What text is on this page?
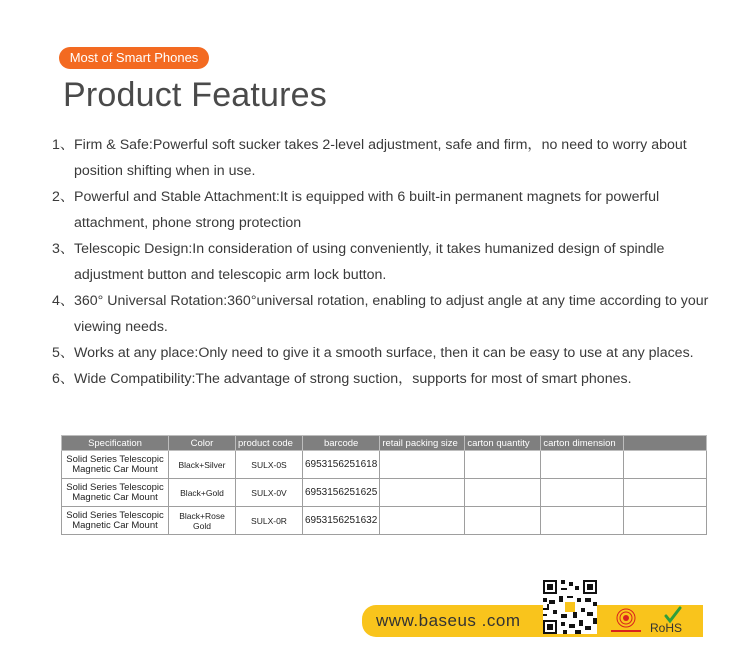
Most of Smart Phones
Product Features
1、 Firm & Safe:Powerful soft sucker takes 2-level adjustment, safe and firm，no need to worry about position shifting when in use.
2、 Powerful and Stable Attachment:It is equipped with 6 built-in permanent magnets for powerful attachment, phone strong protection
3、 Telescopic Design:In consideration of using conveniently, it takes humanized design of spindle adjustment button and telescopic arm lock button.
4、 360° Universal Rotation:360°universal rotation, enabling to adjust angle at any time according to your viewing needs.
5、 Works at any place:Only need to give it a smooth surface, then it can be easy to use at any places.
6、 Wide Compatibility:The advantage of strong suction，supports for most of smart phones.
Specification	Color	product code	barcode	retail packing size	carton quantity	carton dimension	
Solid Series Telescopic Magnetic Car Mount	Black+Silver	SULX-0S	6953156251618				
Solid Series Telescopic Magnetic Car Mount	Black+Gold	SULX-0V	6953156251625				
Solid Series Telescopic Magnetic Car Mount	Black+Rose Gold	SULX-0R	6953156251632				
www.baseus .com	RoHS
